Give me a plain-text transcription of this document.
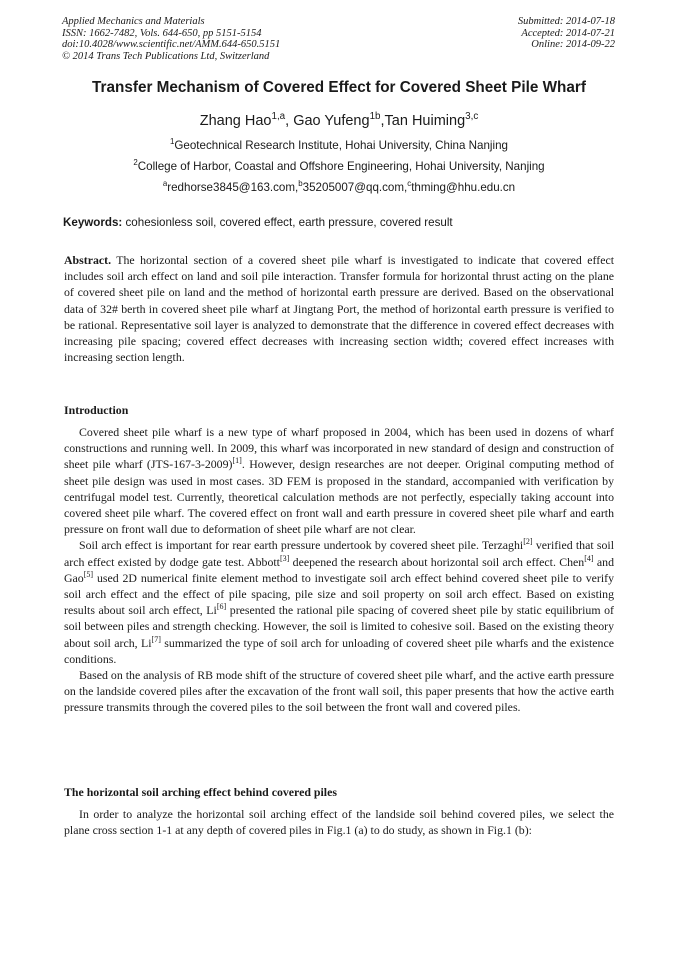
Applied Mechanics and Materials
ISSN: 1662-7482, Vols. 644-650, pp 5151-5154
doi:10.4028/www.scientific.net/AMM.644-650.5151
© 2014 Trans Tech Publications Ltd, Switzerland
Submitted: 2014-07-18
Accepted: 2014-07-21
Online: 2014-09-22
Transfer Mechanism of Covered Effect for Covered Sheet Pile Wharf
Zhang Hao$^{1,a}$, Gao Yufeng$^{1b}$,Tan Huiming$^{3,c}$
$^1$Geotechnical Research Institute, Hohai University, China Nanjing
$^2$College of Harbor, Coastal and Offshore Engineering, Hohai University, Nanjing
$^a$redhorse3845@163.com,$^b$35205007@qq.com,$^c$thming@hhu.edu.cn
Keywords: cohesionless soil, covered effect, earth pressure, covered result

Abstract. The horizontal section of a covered sheet pile wharf is investigated to indicate that covered effect includes soil arch effect on land and soil pile interaction. Transfer formula for horizontal thrust acting on the plane of covered sheet pile on land and the method of horizontal earth pressure are derived. Based on the observational data of 32# berth in covered sheet pile wharf at Jingtang Port, the method of horizontal earth pressure is verified to be rational. Representative soil layer is analyzed to demonstrate that the difference in covered effect decreases with increasing pile spacing; covered effect decreases with increasing section width; covered effect increases with increasing section length.

Introduction

Covered sheet pile wharf is a new type of wharf proposed in 2004, which has been used in dozens of wharf constructions and running well. In 2009, this wharf was incorporated in new standard of design and construction of sheet pile wharf (JTS-167-3-2009)[1]. However, design researches are not deeper. Original computing method of sheet pile design was used in most cases. 3D FEM is proposed in the standard, accompanied with verification by centrifugal model test. Currently, theoretical calculation methods are not perfectly, especially taking account into covered sheet pile wharf. The covered effect on front wall and earth pressure in covered sheet pile wharf and earth pressure on front wall due to deformation of sheet pile wharf are not clear.

Soil arch effect is important for rear earth pressure undertook by covered sheet pile. Terzaghi[2] verified that soil arch effect existed by dodge gate test. Abbott[3] deepened the research about horizontal soil arch effect. Chen[4] and Gao[5] used 2D numerical finite element method to investigate soil arch effect behind covered sheet pile to verify soil arch effect and the effect of pile spacing, pile size and soil property on soil arch effect. Based on existing results about soil arch effect, Li[6] presented the rational pile spacing of covered sheet pile by static equilibrium of soil between piles and strength checking. However, the soil is limited to cohesive soil. Based on the existing theory about soil arch, Li[7] summarized the type of soil arch for unloading of covered sheet pile wharfs and the existence conditions.

Based on the analysis of RB mode shift of the structure of covered sheet pile wharf, and the active earth pressure on the landside covered piles after the excavation of the front wall soil, this paper presents that how the active earth pressure transmits through the covered piles to the soil between the front wall and covered piles.

The horizontal soil arching effect behind covered piles

In order to analyze the horizontal soil arching effect of the landside soil behind covered piles, we select the plane cross section 1-1 at any depth of covered piles in Fig.1 (a) to do study, as shown in Fig.1 (b):
